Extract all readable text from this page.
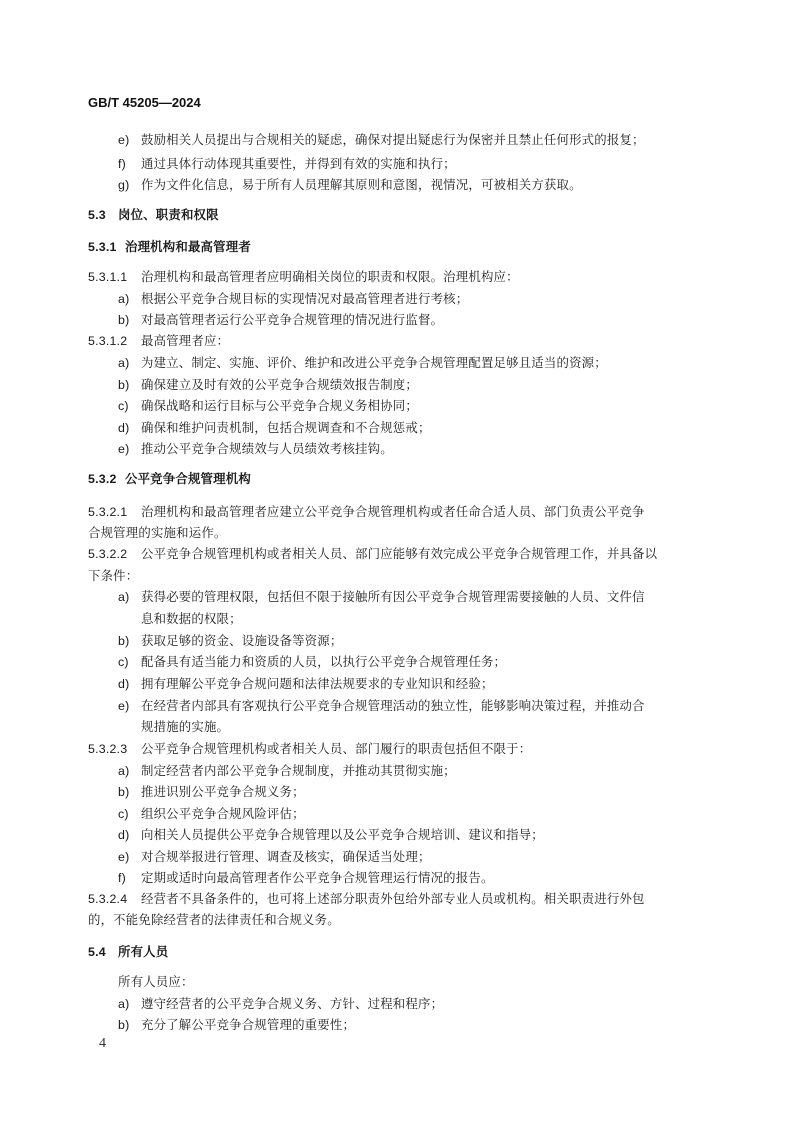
GB/T 45205—2024
e) 鼓励相关人员提出与合规相关的疑虑，确保对提出疑虑行为保密并且禁止任何形式的报复；
f) 通过具体行动体现其重要性，并得到有效的实施和执行；
g) 作为文件化信息，易于所有人员理解其原则和意图，视情况，可被相关方获取。
5.3 岗位、职责和权限
5.3.1 治理机构和最高管理者
5.3.1.1 治理机构和最高管理者应明确相关岗位的职责和权限。治理机构应：
a) 根据公平竞争合规目标的实现情况对最高管理者进行考核；
b) 对最高管理者运行公平竞争合规管理的情况进行监督。
5.3.1.2 最高管理者应：
a) 为建立、制定、实施、评价、维护和改进公平竞争合规管理配置足够且适当的资源；
b) 确保建立及时有效的公平竞争合规绩效报告制度；
c) 确保战略和运行目标与公平竞争合规义务相协同；
d) 确保和维护问责机制，包括合规调查和不合规惩戒；
e) 推动公平竞争合规绩效与人员绩效考核挂钩。
5.3.2 公平竞争合规管理机构
5.3.2.1 治理机构和最高管理者应建立公平竞争合规管理机构或者任命合适人员、部门负责公平竞争
合规管理的实施和运作。
5.3.2.2 公平竞争合规管理机构或者相关人员、部门应能够有效完成公平竞争合规管理工作，并具备以
下条件：
a) 获得必要的管理权限，包括但不限于接触所有因公平竞争合规管理需要接触的人员、文件信
息和数据的权限；
b) 获取足够的资金、设施设备等资源；
c) 配备具有适当能力和资质的人员，以执行公平竞争合规管理任务；
d) 拥有理解公平竞争合规问题和法律法规要求的专业知识和经验；
e) 在经营者内部具有客观执行公平竞争合规管理活动的独立性，能够影响决策过程，并推动合
规措施的实施。
5.3.2.3 公平竞争合规管理机构或者相关人员、部门履行的职责包括但不限于：
a) 制定经营者内部公平竞争合规制度，并推动其贯彻实施；
b) 推进识别公平竞争合规义务；
c) 组织公平竞争合规风险评估；
d) 向相关人员提供公平竞争合规管理以及公平竞争合规培训、建议和指导；
e) 对合规举报进行管理、调查及核实，确保适当处理；
f) 定期或适时向最高管理者作公平竞争合规管理运行情况的报告。
5.3.2.4 经营者不具备条件的，也可将上述部分职责外包给外部专业人员或机构。相关职责进行外包
的，不能免除经营者的法律责任和合规义务。
5.4 所有人员
所有人员应：
a) 遵守经营者的公平竞争合规义务、方针、过程和程序；
b) 充分了解公平竞争合规管理的重要性；
4
